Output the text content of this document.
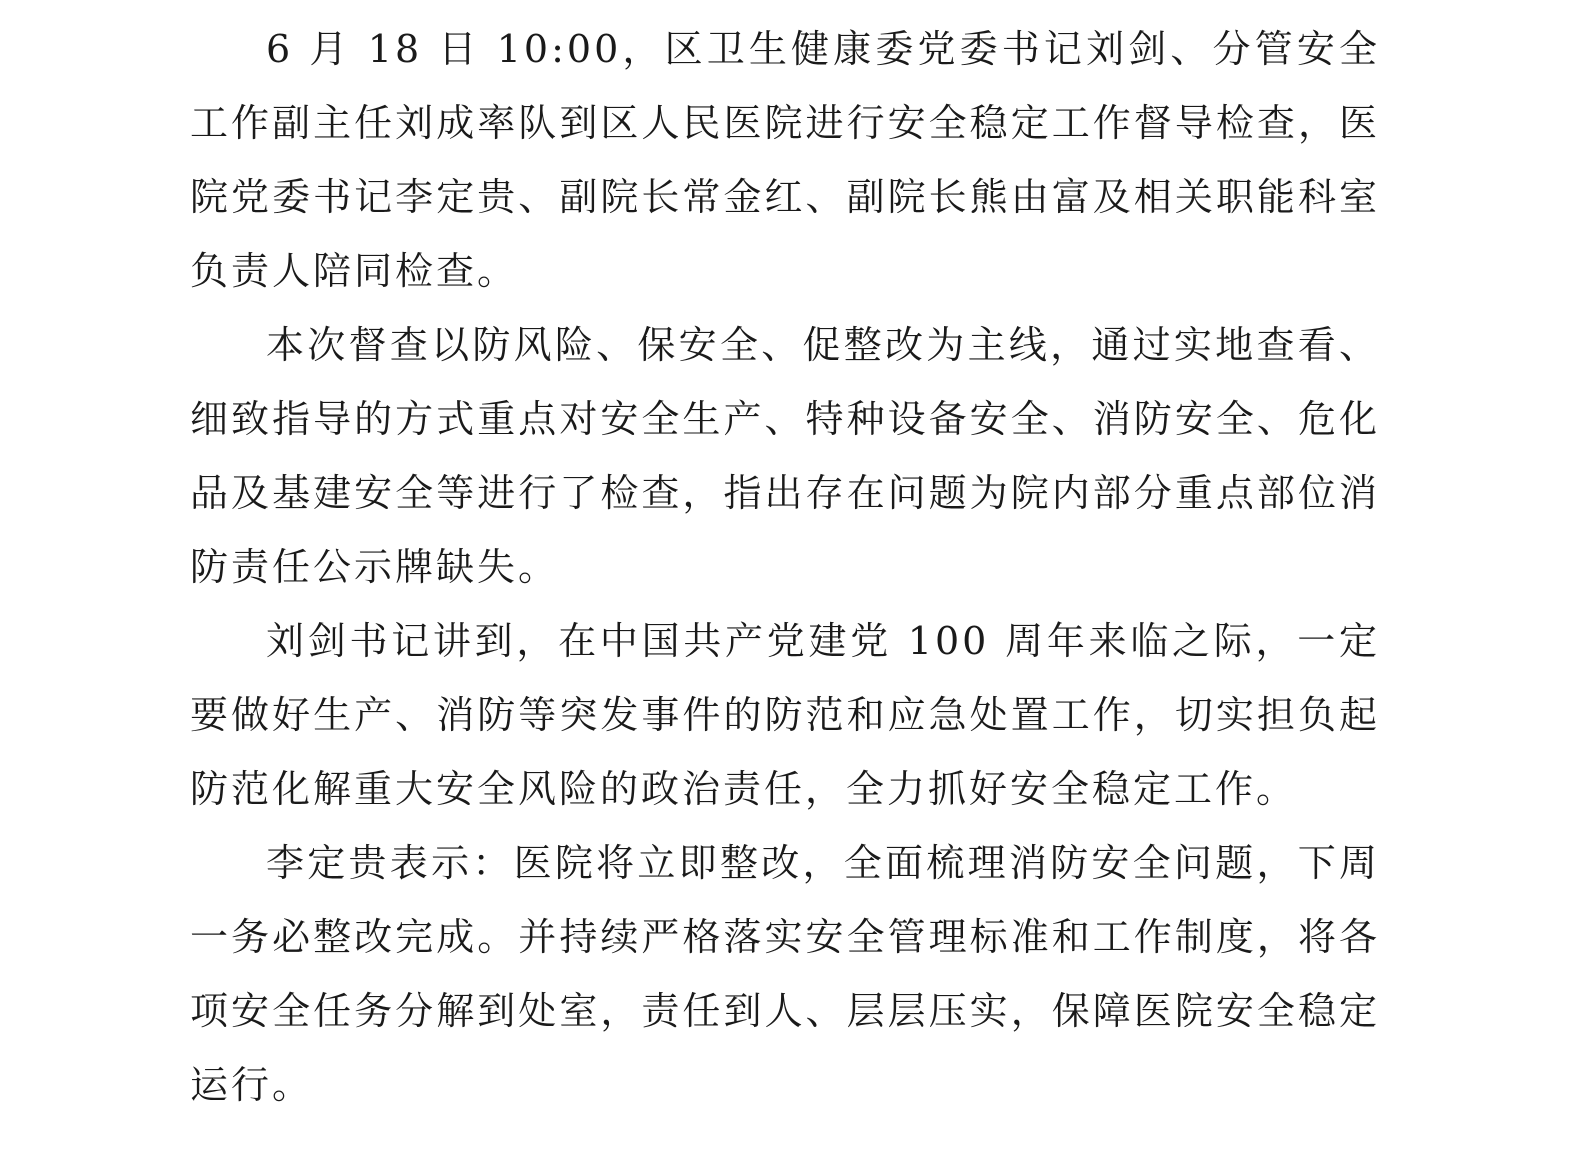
6 月 18 日 10:00，区卫生健康委党委书记刘剑、分管安全工作副主任刘成率队到区人民医院进行安全稳定工作督导检查，医院党委书记李定贵、副院长常金红、副院长熊由富及相关职能科室负责人陪同检查。

本次督查以防风险、保安全、促整改为主线，通过实地查看、细致指导的方式重点对安全生产、特种设备安全、消防安全、危化品及基建安全等进行了检查，指出存在问题为院内部分重点部位消防责任公示牌缺失。

刘剑书记讲到，在中国共产党建党 100 周年来临之际，一定要做好生产、消防等突发事件的防范和应急处置工作，切实担负起防范化解重大安全风险的政治责任，全力抓好安全稳定工作。

李定贵表示：医院将立即整改，全面梳理消防安全问题，下周一务必整改完成。并持续严格落实安全管理标准和工作制度，将各项安全任务分解到处室，责任到人、层层压实，保障医院安全稳定运行。
